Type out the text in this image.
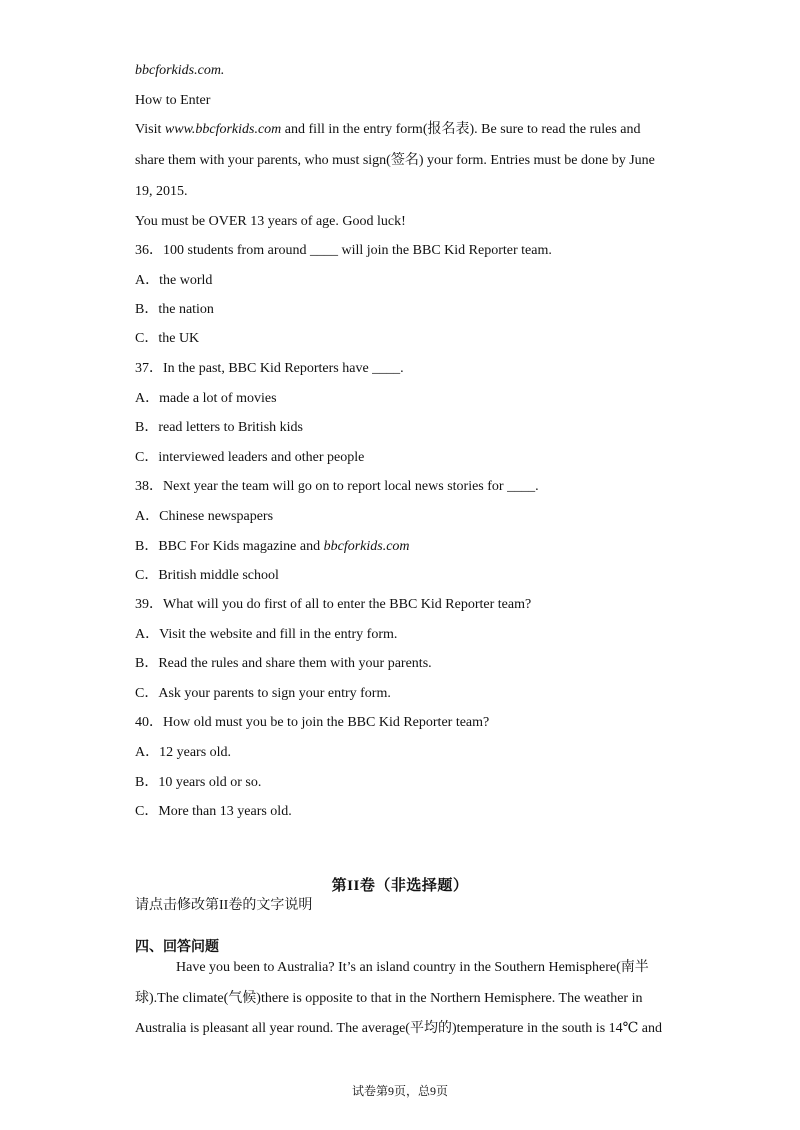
bbcforkids.com.
How to Enter
Visit www.bbcforkids.com and fill in the entry form(报名表). Be sure to read the rules and
share them with your parents, who must sign(签名) your form. Entries must be done by June
19, 2015.
You must be OVER 13 years of age. Good luck!
36．100 students from around ____ will join the BBC Kid Reporter team.
A．the world
B．the nation
C．the UK
37．In the past, BBC Kid Reporters have ____.
A．made a lot of movies
B．read letters to British kids
C．interviewed leaders and other people
38．Next year the team will go on to report local news stories for ____.
A．Chinese newspapers
B．BBC For Kids magazine and bbcforkids.com
C．British middle school
39．What will you do first of all to enter the BBC Kid Reporter team?
A．Visit the website and fill in the entry form.
B．Read the rules and share them with your parents.
C．Ask your parents to sign your entry form.
40．How old must you be to join the BBC Kid Reporter team?
A．12 years old.
B．10 years old or so.
C．More than 13 years old.
第II卷（非选择题）
请点击修改第II卷的文字说明
四、回答问题
Have you been to Australia? It’s an island country in the Southern Hemisphere(南半
球).The climate(气候)there is opposite to that in the Northern Hemisphere. The weather in
Australia is pleasant all year round. The average(平均的)temperature in the south is 14℃ and
试卷第9页，总9页
